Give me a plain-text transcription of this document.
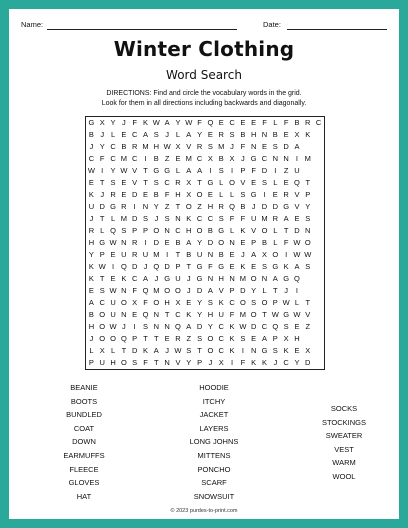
Name:	Date:
Winter Clothing
Word Search
DIRECTIONS: Find and circle the vocabulary words in the grid.
Look for them in all directions including backwards and diagonally.
G X Y J F K W A Y W F Q E C E E F L F B R C
B J L E C A S J L A Y E R S B H N B E X K
J Y C B R M H W X V R S M J F N E S D A
C F C M C I B Z E M C X B X J G C N N I M
W I Y W V T G G L A A I S I P F D I Z U
E T S E V T S C R X T G L O V E S L E Q T
K J R E D E B F H X O E L L S G I E R V P
U D G R I N Y Z T O Z H R Q B J D D G V Y
J T L M D S J S N K C C S F F U M R A E S
R L Q S P P O N C H O B G L K V O L T D N
H G W N R I D E B A Y D O N E P B L F W O
Y P E U R U M I T B U N B E J A X O I W W
K W I Q D J Q D P T G F G E K E S G K A S
K T E K C A J G U J G N H N M O N A G Q
E S W N F Q M O O J D A V P D Y L T J I
A C U O X F O H X E Y S K C O S O P W L T
B O U N E Q N T C K Y H U F M O T W G W V
H O W J I S N N Q A D Y C K W D C Q S E Z
J O O Q P T T E R Z S O C K S E A P X H
L X L T D K A J W S T O C K I N G S K E X
P U H O S F T N V Y P J X I F K K J C Y D
BEANIE
BOOTS
BUNDLED
COAT
DOWN
EARMUFFS
FLEECE
GLOVES
HAT
HOODIE
ITCHY
JACKET
LAYERS
LONG JOHNS
MITTENS
PONCHO
SCARF
SNOWSUIT
SOCKS
STOCKINGS
SWEATER
VEST
WARM
WOOL
© 2023 purdes-to-print.com
